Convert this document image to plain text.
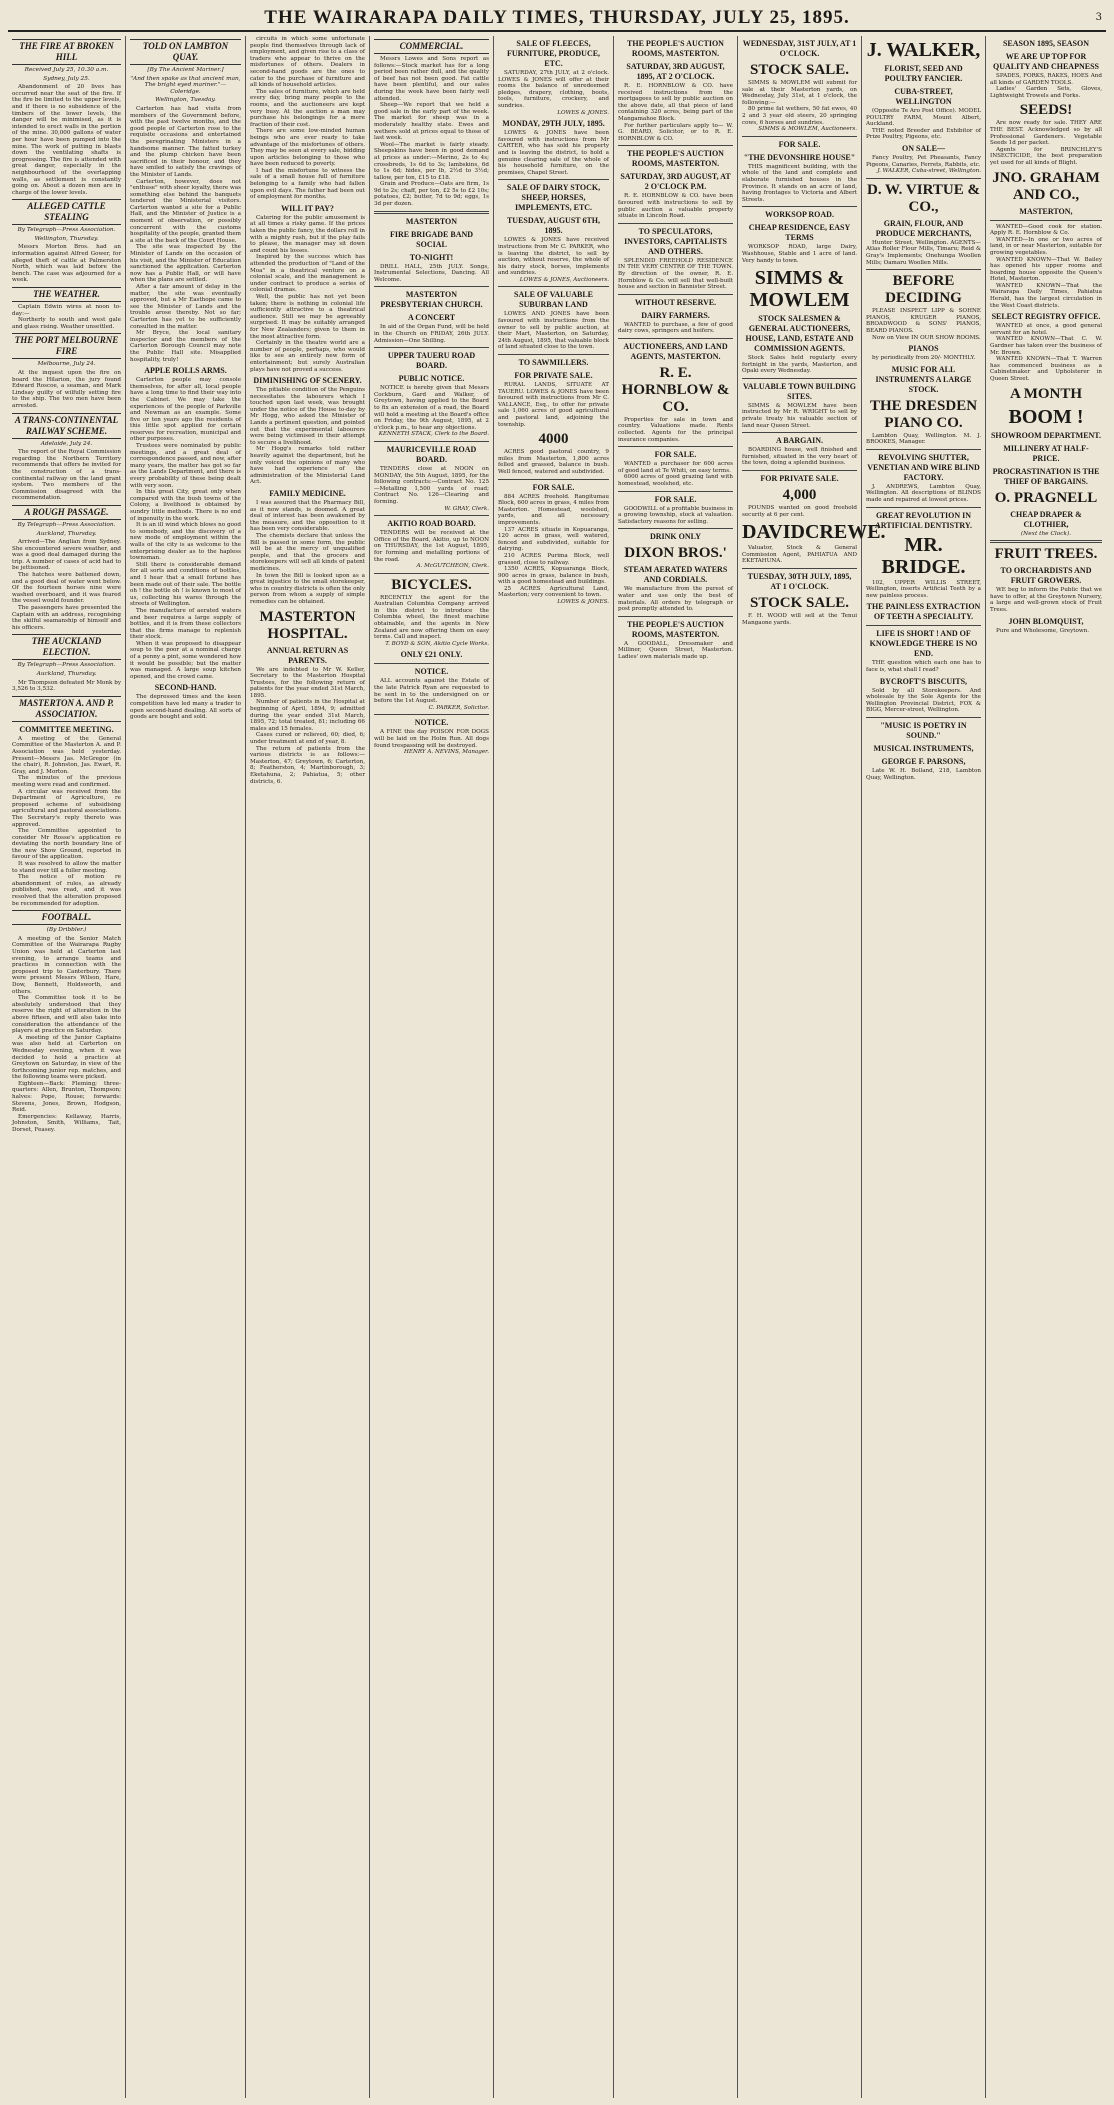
THE WAIRARAPA DAILY TIMES, THURSDAY, JULY 25, 1895.	3
THE FIRE AT BROKEN HILL
Received July 25, 10.30 a.m.
Sydney, July 25.
Abandonment of 20 lives has occurred near the seat of the fire. If the fire be limited to the upper levels, and if there is no subsidence of the timbers of the lower levels, the danger will be minimised, as it is intended to erect walls in the portion of the mine. 30,000 gallons of water per hour have been pumped into the mine. The work of putting in blasts down the ventilating shafts is progressing. The fire is attended with great danger, especially in the neighbourhood of the overlapping walls, as settlement is constantly going on. About a dozen men are in charge of the lower levels.
ALLEGED CATTLE STEALING
By Telegraph—Press Association.
Wellington, Thursday.
Messrs Morton Bros. had an information against Alfred Gower, for alleged theft of cattle at Palmerston North, which was laid before the bench. The case was adjourned for a week.
THE WEATHER.
Captain Edwin wires at noon to-day:—
Northerly to south and west gale and glass rising. Weather unsettled.
THE PORT MELBOURNE FIRE
Melbourne, July 24.
At the inquest upon the fire on board the Hilarion, the jury found Edward Roscoe, a seaman, and Mark Lindsay guilty of wilfully setting fire to the ship. The two men have been arrested.
A TRANS-CONTINENTAL RAILWAY SCHEME.
Adelaide, July 24.
The report of the Royal Commission regarding the Northern Territory recommends that offers be invited for the construction of a trans-continental railway on the land grant system. Two members of the Commission disagreed with the recommendation.
A ROUGH PASSAGE.
By Telegraph—Press Association.
Auckland, Thursday.
Arrived—The Anglian from Sydney. She encountered severe weather, and was a good deal damaged during the trip. A number of cases of acid had to be jettisoned.
The hatches were battened down, and a good deal of water went below. Of the fourteen horses nine were washed overboard, and it was feared the vessel would founder.
The passengers have presented the Captain with an address, recognising the skilful seamanship of himself and his officers.
THE AUCKLAND ELECTION.
By Telegraph—Press Association.
Auckland, Thursday.
Mr Thompson defeated Mr Monk by 3,526 to 3,532.
MASTERTON A. AND P. ASSOCIATION.
COMMITTEE MEETING.
A meeting of the General Committee of the Masterton A. and P. Association was held yesterday. Present—Messrs Jas. McGregor (in the chair), R. Johnston, Jas. Ewart, R. Gray, and J. Morton.
The minutes of the previous meeting were read and confirmed.
A circular was received from the Department of Agriculture, re proposed scheme of subsidising agricultural and pastoral associations. The Secretary's reply thereto was approved.
The Committee appointed to consider Mr Rosse's application re deviating the north boundary line of the new Show Ground, reported in favour of the application.
It was resolved to allow the matter to stand over till a fuller meeting.
The notice of motion re abandonment of rules, as already published, was read, and it was resolved that the alteration proposed be recommended for adoption.
FOOTBALL.
(By Dribbler.)
A meeting of the Senior Match Committee of the Wairarapa Rugby Union was held at Carterton last evening, to arrange teams and practices in connection with the proposed trip to Canterbury. There were present Messrs Wilson, Hare, Dow, Bennett, Holdsworth, and others.
The Committee took it to be absolutely understood that they reserve the right of alteration in the above fifteen, and will also take into consideration the attendance of the players at practice on Saturday.
A meeting of the Junior Captains was also held at Carterton on Wednesday evening, when it was decided to hold a practice at Greytown on Saturday, in view of the forthcoming junior rep. matches, and the following teams were picked.
Eighteen—Back: Fleming; three-quarters: Allen, Brunton, Thompson; halves: Pope, Rouse; forwards: Stevens, Jones, Brown, Hodgson, Reid.
Emergencies: Kellaway, Harris, Johnston, Smith, Williams, Tait, Dorset, Feasey.
TOLD ON LAMBTON QUAY.
[By The Ancient Mariner.]
"And then spake as that ancient man, The bright eyed mariner."—Coleridge.
Wellington, Tuesday.
Carterton has had visits from members of the Government before, with the past twelve months, and the good people of Carterton rose to the requisite occasions and entertained the peregrinating Ministers in a handsome manner. The fatted turkey and the plump chicken have been sacrificed in their honour, and they have smiled to satisfy the cravings of the Minister of Lands.
Carterton, however, does not "enthuse" with sheer loyalty, there was something else behind the banquets tendered the Ministerial visitors. Carterton wanted a site for a Public Hall, and the Minister of Justice is a moment of observation, or possibly concurrent with the customs hospitality of the people, granted them a site at the back of the Court House.
The site was inspected by the Minister of Lands on the occasion of his visit, and the Minister of Education sanctioned the application. Carterton now has a Public Hall, or will have when the plans are settled.
After a fair amount of delay in the matter, the site was eventually approved, but a Mr Easthope came to see the Minister of Lands and the trouble arose thereby. Not so far; Carterton has yet to be sufficiently consulted in the matter.
Mr Bryce, the local sanitary inspector and the members of the Carterton Borough Council may note the Public Hall site. Misapplied hospitality, truly!
APPLE ROLLS ARMS.
Carterton people may console themselves, for after all, local people have a long time to find their way into the Cabinet. We may take the experiences of the people of Parkville and Newman as an example. Some five or ten years ago the residents of this little spot applied for certain reserves for recreation, municipal and other purposes.
Trustees were nominated by public meetings, and a great deal of correspondence passed, and now, after many years, the matter has got so far as the Lands Department, and there is every probability of these being dealt with very soon.
In this great City, great only when compared with the bush towns of the Colony, a livelihood is obtained by sundry little methods. There is no end of ingenuity in the work.
It is an ill wind which blows no good to somebody, and the discovery of a new mode of employment within the walls of the city is as welcome to the enterprising dealer as to the hapless townsman.
Still there is considerable demand for all sorts and conditions of bottles, and I hear that a small fortune has been made out of their sale. The bottle oh ! the bottle oh ! is known to most of us, collecting his wares through the streets of Wellington.
The manufacture of aerated waters and beer requires a large supply of bottles, and it is from these collectors that the firms manage to replenish their stock.
When it was proposed to disappear soup to the poor at a nominal charge of a penny a pint, some wondered how it would be possible; but the matter was managed. A large soup kitchen opened, and the crowd came.
SECOND-HAND.
The depressed times and the keen competition have led many a trader to open second-hand dealing. All sorts of goods are bought and sold.
circuits in which some unfortunate people find themselves through lack of employment, and given rise to a class of traders who appear to thrive on the misfortunes of others. Dealers in second-hand goods are the ones to cater to the purchase of furniture and all kinds of household articles.
The sales of furniture, which are held every day, bring many people to the rooms, and the auctioneers are kept very busy. At the auction a man may purchase his belongings for a mere fraction of their cost.
There are some low-minded human beings who are ever ready to take advantage of the misfortunes of others. They may be seen at every sale, bidding upon articles belonging to those who have been reduced to poverty.
I had the misfortune to witness the sale of a small house full of furniture belonging to a family who had fallen upon evil days. The father had been out of employment for months.
WILL IT PAY?
Catering for the public amusement is at all times a risky game. If the prices taken the public fancy, the dollars roll in with a mighty rush, but if the play fails to please, the manager may sit down and count his losses.
Inspired by the success which has attended the production of "Land of the Moa" in a theatrical venture on a colonial scale, and the management is under contract to produce a series of colonial dramas.
Well, the public has not yet been taken; there is nothing in colonial life sufficiently attractive to a theatrical audience. Still we may be agreeably surprised. It may be suitably arranged for New Zealanders; given to them in the most attractive form.
Certainly in the theatre world are a number of people, perhaps, who would like to see an entirely new form of entertainment; but surely Australian plays have not proved a success.
DIMINISHING OF SCENERY.
The pitiable condition of the Penguins necessitates the labourers which I touched upon last week, was brought under the notice of the House to-day by Mr Hogg, who asked the Minister of Lands a pertinent question, and pointed out that the experimental labourers were being victimised in their attempt to secure a livelihood.
Mr Hogg's remarks told rather heavily against the department, but he only voiced the opinions of many who have had experience of the administration of the Ministerial Land Act.
FAMILY MEDICINE.
I was assured that the Pharmacy Bill, as it now stands, is doomed. A great deal of interest has been awakened by the measure, and the opposition to it has been very considerable.
The chemists declare that unless the Bill is passed in some form, the public will be at the mercy of unqualified people, and that the grocers and storekeepers will sell all kinds of patent medicines.
In town the Bill is looked upon as a great injustice to the small storekeeper, who in country districts is often the only person from whom a supply of simple remedies can be obtained.
MASTERTON HOSPITAL.
ANNUAL RETURN AS PARENTS.
We are indebted to Mr W. Keller, Secretary to the Masterton Hospital Trustees, for the following return of patients for the year ended 31st March, 1895.
Number of patients in the Hospital at beginning of April, 1894, 9; admitted during the year ended 31st March, 1895, 72; total treated, 81; including 66 males and 15 females.
Cases cured or relieved, 60; died, 6; under treatment at end of year, 8.
The return of patients from the various districts is as follows:—Masterton, 47; Greytown, 6; Carterton, 8; Featherston, 4; Martinborough, 3; Eketahuna, 2; Pahiatua, 5; other districts, 6.
COMMERCIAL.
Messrs Lowes and Sons report as follows:—Stock market has for a long period been rather dull, and the quality of beef has not been good. Fat cattle have been plentiful, and our sales during the week have been fairly well attended.
Sheep—We report that we held a good sale in the early part of the week. The market for sheep was in a moderately healthy state. Ewes and wethers sold at prices equal to those of last week.
Wool—The market is fairly steady. Sheepskins have been in good demand at prices as under:—Merino, 2s to 4s; crossbreds, 1s 6d to 3s; lambskins, 6d to 1s 6d; hides, per lb, 2½d to 3½d; tallow, per ton, £15 to £18.
Grain and Produce—Oats are firm, 1s 9d to 2s; chaff, per ton, £2 5s to £2 10s; potatoes, £2; butter, 7d to 9d; eggs, 1s 3d per dozen.
MASTERTON
FIRE BRIGADE BAND SOCIAL
TO-NIGHT!
DRILL HALL, 25th JULY. Songs, Instrumental Selections, Dancing. All Welcome.
MASTERTON PRESBYTERIAN CHURCH.
A CONCERT
In aid of the Organ Fund, will be held in the Church on FRIDAY, 26th JULY. Admission—One Shilling.
UPPER TAUERU ROAD BOARD.
PUBLIC NOTICE.
NOTICE is hereby given that Messrs Cockburn, Gard and Walker, of Greytown, having applied to the Board to fix an extension of a road, the Board will hold a meeting at the Board's office on Friday, the 9th August, 1895, at 2 o'clock p.m., to hear any objections.
KENNETH STACK, Clerk to the Board.
MAURICEVILLE ROAD BOARD.
TENDERS close at NOON on MONDAY, the 5th August, 1895, for the following contracts:—Contract No. 125—Metalling 1,500 yards of road; Contract No. 126—Clearing and forming.
W. GRAY, Clerk.
AKITIO ROAD BOARD.
TENDERS will be received at the Office of the Board, Akitio, up to NOON on THURSDAY, the 1st August, 1895, for forming and metalling portions of the road.
A. McGUTCHEON, Clerk.
BICYCLES.
RECENTLY the agent for the Australian Columbia Company arrived in this district to introduce the Columbia wheel, the finest machine obtainable, and the agents in New Zealand are now offering them on easy terms. Call and inspect.
T. BOYD & SON, Akitio Cycle Works.
ONLY £21 ONLY.
NOTICE.
ALL accounts against the Estate of the late Patrick Ryan are requested to be sent in to the undersigned on or before the 1st August.
C. PARKER, Solicitor.
NOTICE.
A FINE this day POISON FOR DOGS will be laid on the Holm Run. All dogs found trespassing will be destroyed.
HENRY A. NEVINS, Manager.
SALE OF FLEECES, FURNITURE, PRODUCE, ETC.
SATURDAY, 27th JULY, at 2 o'clock. LOWES & JONES will offer at their rooms the balance of unredeemed pledges, drapery, clothing, boots, tools, furniture, crockery, and sundries.
LOWES & JONES.
MONDAY, 29TH JULY, 1895.
LOWES & JONES have been favoured with instructions from Mr CARTER, who has sold his property and is leaving the district, to hold a genuine clearing sale of the whole of his household furniture, on the premises, Chapel Street.
SALE OF DAIRY STOCK, SHEEP, HORSES, IMPLEMENTS, ETC.
TUESDAY, AUGUST 6TH, 1895.
LOWES & JONES have received instructions from Mr C. PARKER, who is leaving the district, to sell by auction, without reserve, the whole of his dairy stock, horses, implements and sundries.
LOWES & JONES, Auctioneers.
SALE OF VALUABLE SUBURBAN LAND
LOWES AND JONES have been favoured with instructions from the owner to sell by public auction, at their Mart, Masterton, on Saturday, 24th August, 1895, that valuable block of land situated close to the town.
TO SAWMILLERS.
FOR PRIVATE SALE.
RURAL LANDS, SITUATE AT TAUERU. LOWES & JONES have been favoured with instructions from Mr C. VALLANCE, Esq., to offer for private sale 1,060 acres of good agricultural and pastoral land, adjoining the township.
4000
ACRES good pastoral country, 9 miles from Masterton, 1,800 acres felled and grassed, balance in bush. Well fenced, watered and subdivided.
FOR SALE.
884 ACRES freehold. Rangitumau Block, 600 acres in grass, 4 miles from Masterton. Homestead, woolshed, yards, and all necessary improvements.
137 ACRES situate in Kopuaranga, 120 acres in grass, well watered, fenced and subdivided, suitable for dairying.
210 ACRES Purima Block, well grassed, close to railway.
1350 ACRES, Kopuaranga Block, 900 acres in grass, balance in bush, with a good homestead and buildings.
25 ACRES Agricultural Land, Masterton; very convenient to town.
LOWES & JONES.
THE PEOPLE'S AUCTION ROOMS, MASTERTON.
SATURDAY, 3RD AUGUST, 1895, AT 2 O'CLOCK.
R. E. HORNBLOW & CO. have received instructions from the mortgagees to sell by public auction on the above date, all that piece of land containing 320 acres, being part of the Mangamahoe Block.
For further particulars apply to— W. G. BEARD, Solicitor, or to R. E. HORNBLOW & CO.
THE PEOPLE'S AUCTION ROOMS, MASTERTON.
SATURDAY, 3RD AUGUST, AT 2 O'CLOCK P.M.
R. E. HORNBLOW & CO. have been favoured with instructions to sell by public auction a valuable property situate in Lincoln Road.
TO SPECULATORS, INVESTORS, CAPITALISTS AND OTHERS.
SPLENDID FREEHOLD RESIDENCE IN THE VERY CENTRE OF THE TOWN. By direction of the owner, R. E. Hornblow & Co. will sell that well-built house and section in Bannister Street.
WITHOUT RESERVE.
DAIRY FARMERS.
WANTED to purchase, a few of good dairy cows, springers and heifers.
AUCTIONEERS, AND LAND AGENTS, MASTERTON.
R. E. HORNBLOW & CO.
Properties for sale in town and country. Valuations made. Rents collected. Agents for the principal insurance companies.
FOR SALE.
WANTED a purchaser for 600 acres of good land at Te Whiti, on easy terms.
6000 acres of good grazing land with homestead, woolshed, etc.
FOR SALE.
GOODWILL of a profitable business in a growing township, stock at valuation. Satisfactory reasons for selling.
DRINK ONLY
DIXON BROS.'
STEAM AERATED WATERS AND CORDIALS.
We manufacture from the purest of water and use only the best of materials. All orders by telegraph or post promptly attended to.
THE PEOPLE'S AUCTION ROOMS, MASTERTON.
A GOODALL, Dressmaker and Milliner, Queen Street, Masterton. Ladies' own materials made up.
WEDNESDAY, 31ST JULY, AT 1 O'CLOCK.
STOCK SALE.
SIMMS & MOWLEM will submit for sale at their Masterton yards, on Wednesday, July 31st, at 1 o'clock, the following:—
80 prime fat wethers, 50 fat ewes, 40 2 and 3 year old steers, 20 springing cows, 6 horses and sundries.
SIMMS & MOWLEM, Auctioneers.
FOR SALE.
"THE DEVONSHIRE HOUSE"
THIS magnificent building, with the whole of the land and complete and elaborate furnished houses in the Province. It stands on an acre of land, having frontages to Victoria and Albert Streets.
WORKSOP ROAD.
CHEAP RESIDENCE, EASY TERMS
WORKSOP ROAD, large Dairy, Washhouse, Stable and 1 acre of land. Very handy to town.
SIMMS & MOWLEM
STOCK SALESMEN & GENERAL AUCTIONEERS, HOUSE, LAND, ESTATE AND COMMISSION AGENTS.
Stock Sales held regularly every fortnight in the yards, Masterton, and Opaki every Wednesday.
VALUABLE TOWN BUILDING SITES.
SIMMS & MOWLEM have been instructed by Mr R. WRIGHT to sell by private treaty his valuable section of land near Queen Street.
A BARGAIN.
BOARDING house, well finished and furnished, situated in the very heart of the town, doing a splendid business.
FOR PRIVATE SALE.
4,000
POUNDS wanted on good freehold security at 6 per cent.
DAVIDCREWE.
Valuator, Stock & General Commission Agent, PAHIATUA AND EKETAHUNA.
TUESDAY, 30TH JULY, 1895, AT 1 O'CLOCK.
STOCK SALE.
F. H. WOOD will sell at the Tenui Mangaone yards.
J. WALKER,
FLORIST, SEED AND POULTRY FANCIER.
CUBA-STREET, WELLINGTON
(Opposite Te Aro Post Office). MODEL POULTRY FARM, Mount Albert, Auckland.
THE noted Breeder and Exhibitor of Prize Poultry, Pigeons, etc.
ON SALE—
Fancy Poultry, Pet Pheasants, Fancy Pigeons, Canaries, Ferrets, Rabbits, etc.
J. WALKER, Cuba-street, Wellington.
D. W. VIRTUE & CO.,
GRAIN, FLOUR, AND PRODUCE MERCHANTS,
Hunter Street, Wellington. AGENTS— Atlas Roller Flour Mills, Timaru; Reid & Gray's Implements; Onehunga Woollen Mills; Oamaru Woollen Mills.
BEFORE DECIDING
PLEASE INSPECT LIPP & SOHNE PIANOS, KRUGER PIANOS, BROADWOOD & SONS' PIANOS, BEARD PIANOS.
Now on View IN OUR SHOW ROOMS.
PIANOS
by periodically from 20/- MONTHLY.
MUSIC FOR ALL INSTRUMENTS A LARGE STOCK.
THE DRESDEN PIANO CO.
Lambton Quay, Wellington. M. J. BROOKES, Manager.
REVOLVING SHUTTER, VENETIAN AND WIRE BLIND FACTORY.
J. ANDREWS, Lambton Quay, Wellington. All descriptions of BLINDS made and repaired at lowest prices.
GREAT REVOLUTION IN ARTIFICIAL DENTISTRY.
MR. BRIDGE.
102, UPPER WILLIS STREET, Wellington, inserts Artificial Teeth by a new painless process.
THE PAINLESS EXTRACTION OF TEETH A SPECIALITY.
LIFE IS SHORT ! AND OF KNOWLEDGE THERE IS NO END.
THE question which each one has to face is, what shall I read?
BYCROFT'S BISCUITS,
Sold by all Storekeepers. And wholesale by the Sole Agents for the Wellington Provincial District, FOX & BIGG, Mercer-street, Wellington.
"MUSIC IS POETRY IN SOUND."
MUSICAL INSTRUMENTS,
GEORGE F. PARSONS,
Late W. H. Bolland, 218, Lambton Quay, Wellington.
SEASON 1895, SEASON
WE ARE UP TOP FOR QUALITY AND CHEAPNESS
SPADES, FORKS, RAKES, HOES And all kinds of GARDEN TOOLS.
Ladies' Garden Sets, Gloves, Lightweight Trowels and Forks.
SEEDS!
Are now ready for sale. THEY ARE THE BEST. Acknowledged so by all Professional Gardeners. Vegetable Seeds 1d per packet.
Agents for BRINCHLEY'S INSECTICIDE, the best preparation yet used for all kinds of Blight.
JNO. GRAHAM AND CO.,
MASTERTON,
WANTED—Good cook for station. Apply R. E. Hornblow & Co.
WANTED—In one or two acres of land, in or near Masterton, suitable for growing vegetables.
WANTED KNOWN—That W. Bailey has opened his upper rooms and boarding house opposite the Queen's Hotel, Masterton.
WANTED KNOWN—That the Wairarapa Daily Times, Pahiatua Herald, has the largest circulation in the West Coast districts.
SELECT REGISTRY OFFICE.
WANTED at once, a good general servant for an hotel.
WANTED KNOWN—That C. W. Gardner has taken over the business of Mr. Brown.
WANTED KNOWN—That T. Warren has commenced business as a Cabinetmaker and Upholsterer in Queen Street.
A MONTH
BOOM !
SHOWROOM DEPARTMENT.
MILLINERY AT HALF-PRICE.
PROCRASTINATION IS THE THIEF OF BARGAINS.
O. PRAGNELL
CHEAP DRAPER & CLOTHIER,
(Next the Clock).
FRUIT TREES.
TO ORCHARDISTS AND FRUIT GROWERS.
WE beg to inform the Public that we have to offer, at the Greytown Nursery, a large and well-grown stock of Fruit Trees.
JOHN BLOMQUIST,
Pure and Wholesome, Greytown.
